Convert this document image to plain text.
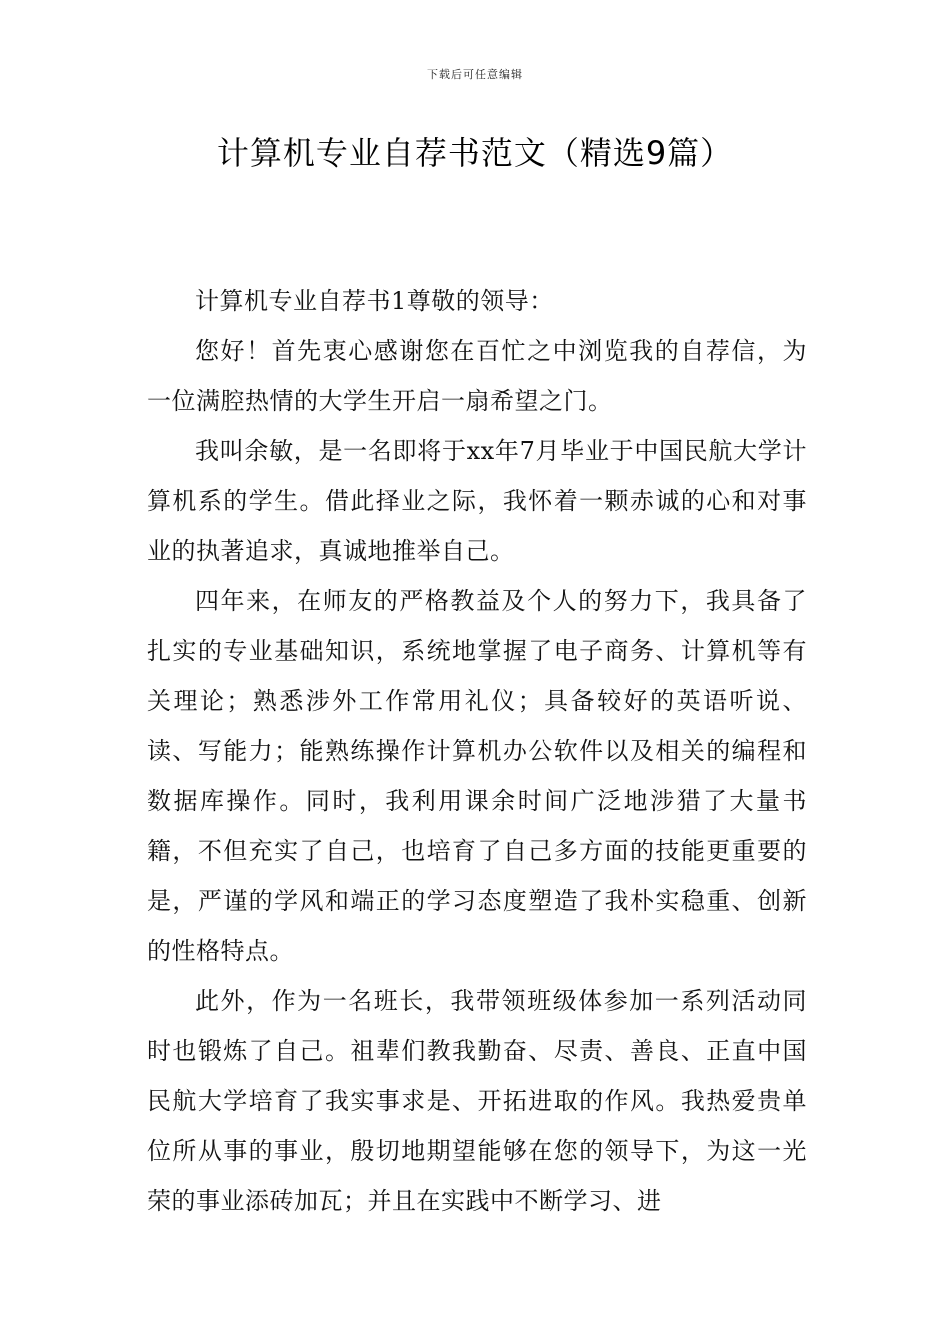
下载后可任意编辑
计算机专业自荐书范文（精选9篇）

计算机专业自荐书1尊敬的领导：

您好！首先衷心感谢您在百忙之中浏览我的自荐信，为一位满腔热情的大学生开启一扇希望之门。

我叫余敏，是一名即将于xx年7月毕业于中国民航大学计算机系的学生。借此择业之际，我怀着一颗赤诚的心和对事业的执著追求，真诚地推举自己。

四年来，在师友的严格教益及个人的努力下，我具备了扎实的专业基础知识，系统地掌握了电子商务、计算机等有关理论；熟悉涉外工作常用礼仪；具备较好的英语听说、读、写能力；能熟练操作计算机办公软件以及相关的编程和数据库操作。同时，我利用课余时间广泛地涉猎了大量书籍，不但充实了自己，也培育了自己多方面的技能更重要的是，严谨的学风和端正的学习态度塑造了我朴实稳重、创新的性格特点。

此外，作为一名班长，我带领班级体参加一系列活动同时也锻炼了自己。祖辈们教我勤奋、尽责、善良、正直中国民航大学培育了我实事求是、开拓进取的作风。我热爱贵单位所从事的事业，殷切地期望能够在您的领导下，为这一光荣的事业添砖加瓦；并且在实践中不断学习、进
